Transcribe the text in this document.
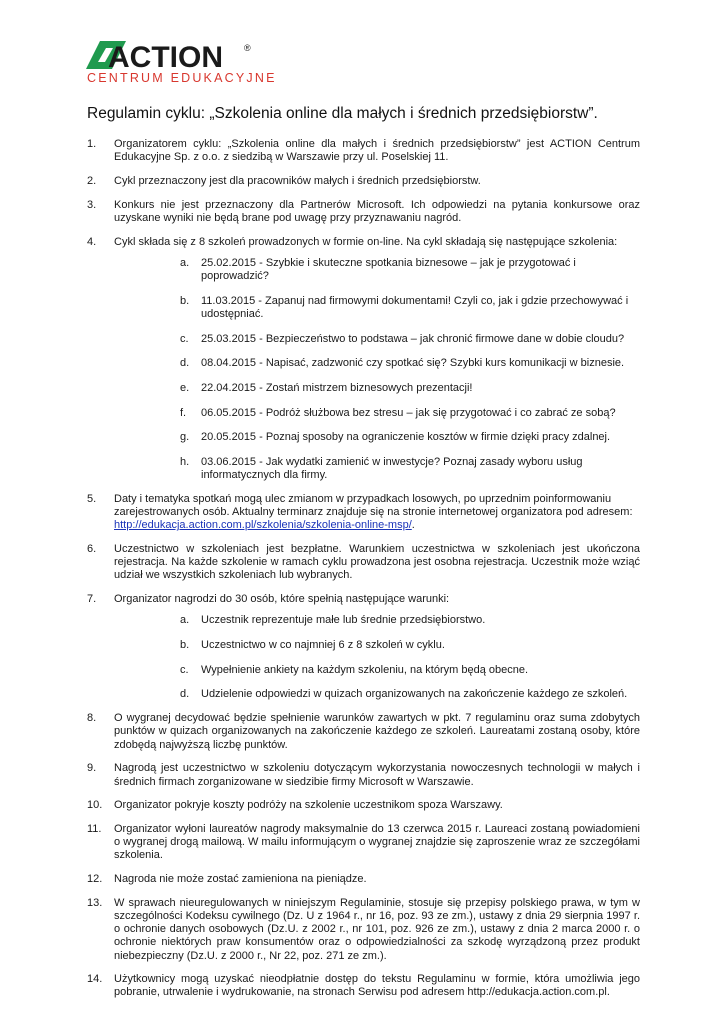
ACTION ®
CENTRUM EDUKACYJNE
Regulamin cyklu: „Szkolenia online dla małych i średnich przedsiębiorstw”.
1. Organizatorem cyklu: „Szkolenia online dla małych i średnich przedsiębiorstw” jest ACTION Centrum Edukacyjne Sp. z o.o. z siedzibą w Warszawie przy ul. Poselskiej 11.
2. Cykl przeznaczony jest dla pracowników małych i średnich przedsiębiorstw.
3. Konkurs nie jest przeznaczony dla Partnerów Microsoft. Ich odpowiedzi na pytania konkursowe oraz uzyskane wyniki nie będą brane pod uwagę przy przyznawaniu nagród.
4. Cykl składa się z 8 szkoleń prowadzonych w formie on-line. Na cykl składają się następujące szkolenia:
a. 25.02.2015 - Szybkie i skuteczne spotkania biznesowe – jak je przygotować i poprowadzić?
b. 11.03.2015 - Zapanuj nad firmowymi dokumentami! Czyli co, jak i gdzie przechowywać i udostępniać.
c. 25.03.2015 - Bezpieczeństwo to podstawa – jak chronić firmowe dane w dobie cloudu?
d. 08.04.2015 - Napisać, zadzwonić czy spotkać się? Szybki kurs komunikacji w biznesie.
e. 22.04.2015 - Zostań mistrzem biznesowych prezentacji!
f. 06.05.2015 - Podróż służbowa bez stresu – jak się przygotować i co zabrać ze sobą?
g. 20.05.2015 - Poznaj sposoby na ograniczenie kosztów w firmie dzięki pracy zdalnej.
h. 03.06.2015 - Jak wydatki zamienić w inwestycje? Poznaj zasady wyboru usług informatycznych dla firmy.
5. Daty i tematyka spotkań mogą ulec zmianom w przypadkach losowych, po uprzednim poinformowaniu zarejestrowanych osób. Aktualny terminarz znajduje się na stronie internetowej organizatora pod adresem: http://edukacja.action.com.pl/szkolenia/szkolenia-online-msp/.
6. Uczestnictwo w szkoleniach jest bezpłatne. Warunkiem uczestnictwa w szkoleniach jest ukończona rejestracja. Na każde szkolenie w ramach cyklu prowadzona jest osobna rejestracja. Uczestnik może wziąć udział we wszystkich szkoleniach lub wybranych.
7. Organizator nagrodzi do 30 osób, które spełnią następujące warunki:
a. Uczestnik reprezentuje małe lub średnie przedsiębiorstwo.
b. Uczestnictwo w co najmniej 6 z 8 szkoleń w cyklu.
c. Wypełnienie ankiety na każdym szkoleniu, na którym będą obecne.
d. Udzielenie odpowiedzi w quizach organizowanych na zakończenie każdego ze szkoleń.
8. O wygranej decydować będzie spełnienie warunków zawartych w pkt. 7 regulaminu oraz suma zdobytych punktów w quizach organizowanych na zakończenie każdego ze szkoleń. Laureatami zostaną osoby, które zdobędą najwyższą liczbę punktów.
9. Nagrodą jest uczestnictwo w szkoleniu dotyczącym wykorzystania nowoczesnych technologii w małych i średnich firmach zorganizowane w siedzibie firmy Microsoft w Warszawie.
10. Organizator pokryje koszty podróży na szkolenie uczestnikom spoza Warszawy.
11. Organizator wyłoni laureatów nagrody maksymalnie do 13 czerwca 2015 r. Laureaci zostaną powiadomieni o wygranej drogą mailową. W mailu informującym o wygranej znajdzie się zaproszenie wraz ze szczegółami szkolenia.
12. Nagroda nie może zostać zamieniona na pieniądze.
13. W sprawach nieuregulowanych w niniejszym Regulaminie, stosuje się przepisy polskiego prawa, w tym w szczególności Kodeksu cywilnego (Dz. U z 1964 r., nr 16, poz. 93 ze zm.), ustawy z dnia 29 sierpnia 1997 r. o ochronie danych osobowych (Dz.U. z 2002 r., nr 101, poz. 926 ze zm.), ustawy z dnia 2 marca 2000 r. o ochronie niektórych praw konsumentów oraz o odpowiedzialności za szkodę wyrządzoną przez produkt niebezpieczny (Dz.U. z 2000 r., Nr 22, poz. 271 ze zm.).
14. Użytkownicy mogą uzyskać nieodpłatnie dostęp do tekstu Regulaminu w formie, która umożliwia jego pobranie, utrwalenie i wydrukowanie, na stronach Serwisu pod adresem http://edukacja.action.com.pl.
